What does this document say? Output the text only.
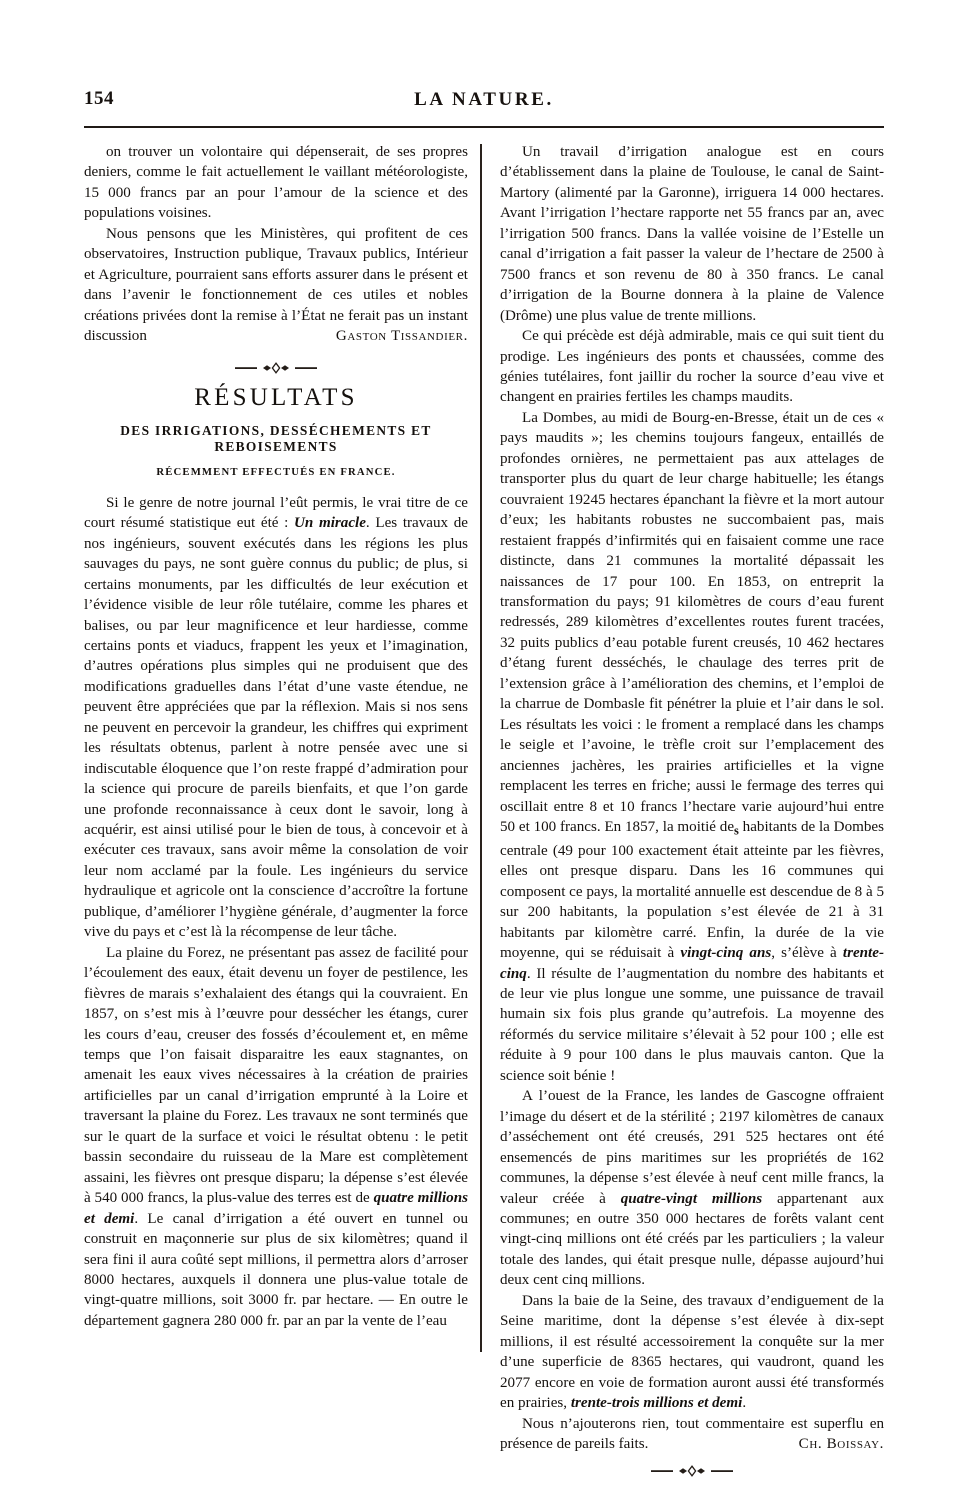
154	LA NATURE.

on trouver un volontaire qui dépenserait, de ses propres deniers, comme le fait actuellement le vaillant météorologiste, 15 000 francs par an pour l’amour de la science et des populations voisines.

Nous pensons que les Ministères, qui profitent de ces observatoires, Instruction publique, Travaux publics, Intérieur et Agriculture, pourraient sans efforts assurer dans le présent et dans l’avenir le fonctionnement de ces utiles et nobles créations privées dont la remise à l’État ne ferait pas un instant discussion	Gaston Tissandier.

RÉSULTATS
DES IRRIGATIONS, DESSÉCHEMENTS ET REBOISEMENTS
RÉCEMMENT EFFECTUÉS EN FRANCE.

Si le genre de notre journal l’eût permis, le vrai titre de ce court résumé statistique eut été : Un miracle. Les travaux de nos ingénieurs, souvent exécutés dans les régions les plus sauvages du pays, ne sont guère connus du public; de plus, si certains monuments, par les difficultés de leur exécution et l’évidence visible de leur rôle tutélaire, comme les phares et balises, ou par leur magnificence et leur hardiesse, comme certains ponts et viaducs, frappent les yeux et l’imagination, d’autres opérations plus simples qui ne produisent que des modifications graduelles dans l’état d’une vaste étendue, ne peuvent être appréciées que par la réflexion. Mais si nos sens ne peuvent en percevoir la grandeur, les chiffres qui expriment les résultats obtenus, parlent à notre pensée avec une si indiscutable éloquence que l’on reste frappé d’admiration pour la science qui procure de pareils bienfaits, et que l’on garde une profonde reconnaissance à ceux dont le savoir, long à acquérir, est ainsi utilisé pour le bien de tous, à concevoir et à exécuter ces travaux, sans avoir même la consolation de voir leur nom acclamé par la foule. Les ingénieurs du service hydraulique et agricole ont la conscience d’accroître la fortune publique, d’améliorer l’hygiène générale, d’augmenter la force vive du pays et c’est là la récompense de leur tâche.

La plaine du Forez, ne présentant pas assez de facilité pour l’écoulement des eaux, était devenu un foyer de pestilence, les fièvres de marais s’exhalaient des étangs qui la couvraient. En 1857, on s’est mis à l’œuvre pour dessécher les étangs, curer les cours d’eau, creuser des fossés d’écoulement et, en même temps que l’on faisait disparaitre les eaux stagnantes, on amenait les eaux vives nécessaires à la création de prairies artificielles par un canal d’irrigation emprunté à la Loire et traversant la plaine du Forez. Les travaux ne sont terminés que sur le quart de la surface et voici le résultat obtenu : le petit bassin secondaire du ruisseau de la Mare est complètement assaini, les fièvres ont presque disparu; la dépense s’est élevée à 540 000 francs, la plus-value des terres est de quatre millions et demi. Le canal d’irrigation a été ouvert en tunnel ou construit en maçonnerie sur plus de six kilomètres; quand il sera fini il aura coûté sept millions, il permettra alors d’arroser 8000 hectares, auxquels il donnera une plus-value totale de vingt-quatre millions, soit 3000 fr. par hectare. — En outre le département gagnera 280 000 fr. par an par la vente de l’eau

Un travail d’irrigation analogue est en cours d’établissement dans la plaine de Toulouse, le canal de Saint-Martory (alimenté par la Garonne), irriguera 14 000 hectares. Avant l’irrigation l’hectare rapporte net 55 francs par an, avec l’irrigation 500 francs. Dans la vallée voisine de l’Estelle un canal d’irrigation a fait passer la valeur de l’hectare de 2500 à 7500 francs et son revenu de 80 à 350 francs. Le canal d’irrigation de la Bourne donnera à la plaine de Valence (Drôme) une plus value de trente millions.

Ce qui précède est déjà admirable, mais ce qui suit tient du prodige. Les ingénieurs des ponts et chaussées, comme des génies tutélaires, font jaillir du rocher la source d’eau vive et changent en prairies fertiles les champs maudits.

La Dombes, au midi de Bourg-en-Bresse, était un de ces « pays maudits »; les chemins toujours fangeux, entaillés de profondes ornières, ne permettaient pas aux attelages de transporter plus du quart de leur charge habituelle; les étangs couvraient 19245 hectares épanchant la fièvre et la mort autour d’eux; les habitants robustes ne succombaient pas, mais restaient frappés d’infirmités qui en faisaient comme une race distincte, dans 21 communes la mortalité dépassait les naissances de 17 pour 100. En 1853, on entreprit la transformation du pays; 91 kilomètres de cours d’eau furent redressés, 289 kilomètres d’excellentes routes furent tracées, 32 puits publics d’eau potable furent creusés, 10 462 hectares d’étang furent desséchés, le chaulage des terres prit de l’extension grâce à l’amélioration des chemins, et l’emploi de la charrue de Dombasle fit pénétrer la pluie et l’air dans le sol. Les résultats les voici : le froment a remplacé dans les champs le seigle et l’avoine, le trèfle croit sur l’emplacement des anciennes jachères, les prairies artificielles et la vigne remplacent les terres en friche; aussi le fermage des terres qui oscillait entre 8 et 10 francs l’hectare varie aujourd’hui entre 50 et 100 francs. En 1857, la moitié $de_s$ habitants de la Dombes centrale (49 pour 100 exactement était atteinte par les fièvres, elles ont presque disparu. Dans les 16 communes qui composent ce pays, la mortalité annuelle est descendue de 8 à 5 sur 200 habitants, la population s’est élevée de 21 à 31 habitants par kilomètre carré. Enfin, la durée de la vie moyenne, qui se réduisait à vingt-cinq ans, s’élève à trente-cinq. Il résulte de l’augmentation du nombre des habitants et de leur vie plus longue une somme, une puissance de travail humain six fois plus grande qu’autrefois. La moyenne des réformés du service militaire s’élevait à 52 pour 100 ; elle est réduite à 9 pour 100 dans le plus mauvais canton. Que la science soit bénie !

A l’ouest de la France, les landes de Gascogne offraient l’image du désert et de la stérilité ; 2197 kilomètres de canaux d’asséchement ont été creusés, 291 525 hectares ont été ensemencés de pins maritimes sur les propriétés de 162 communes, la dépense s’est élevée à neuf cent mille francs, la valeur créée à quatre-vingt millions appartenant aux communes; en outre 350 000 hectares de forêts valant cent vingt-cinq millions ont été créés par les particuliers ; la valeur totale des landes, qui était presque nulle, dépasse aujourd’hui deux cent cinq millions.

Dans la baie de la Seine, des travaux d’endiguement de la Seine maritime, dont la dépense s’est élevée à dix-sept millions, il est résulté accessoirement la conquête sur la mer d’une superficie de 8365 hectares, qui vaudront, quand les 2077 encore en voie de formation auront aussi été transformés en prairies, trente-trois millions et demi.

Nous n’ajouterons rien, tout commentaire est superflu en présence de pareils faits.	Ch. Boissay.
